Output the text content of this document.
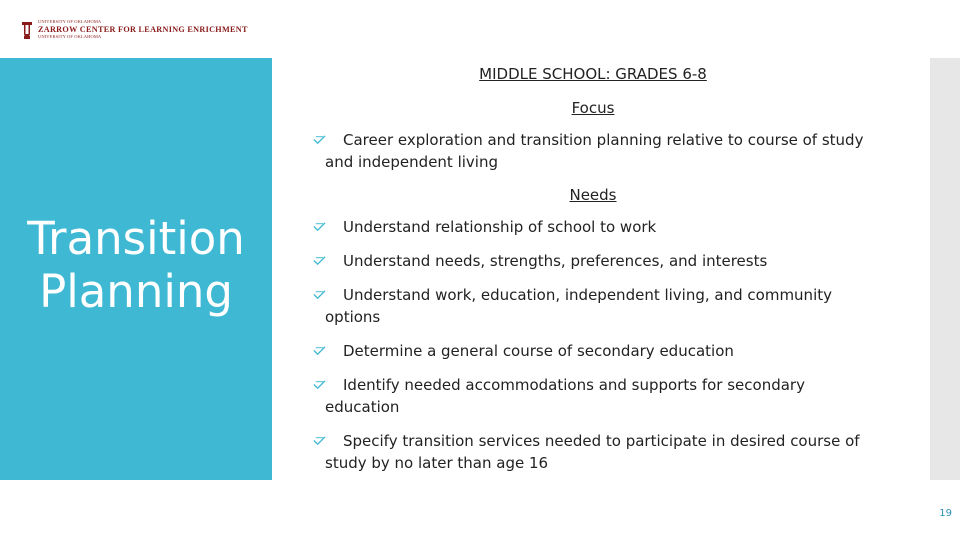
UNIVERSITY OF OKLAHOMA
ZARROW CENTER FOR LEARNING ENRICHMENT
UNIVERSITY OF OKLAHOMA
Transition Planning
MIDDLE SCHOOL: GRADES 6-8
Focus
Career exploration and transition planning relative to course of study and independent living
Needs
Understand relationship of school to work
Understand needs, strengths, preferences, and interests
Understand work, education, independent living, and community options
Determine a general course of secondary education
Identify needed accommodations and supports for secondary education
Specify transition services needed to participate in desired course of study by no later than age 16
19
